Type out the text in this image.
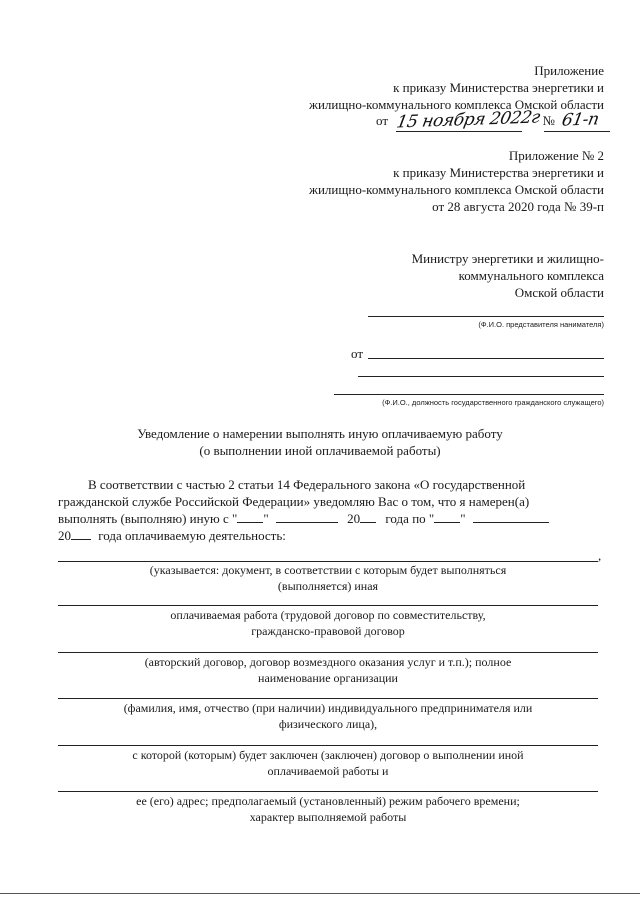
Приложение
к приказу Министерства энергетики и
жилищно-коммунального комплекса Омской области
от 15 ноября 2022г № 61-п
Приложение № 2
к приказу Министерства энергетики и
жилищно-коммунального комплекса Омской области
от 28 августа 2020 года № 39-п
Министру энергетики и жилищно-
коммунального комплекса
Омской области
(Ф.И.О. представителя нанимателя)
от
(Ф.И.О., должность государственного гражданского служащего)
Уведомление о намерении выполнять иную оплачиваемую работу
(о выполнении иной оплачиваемой работы)
В соответствии с частью 2 статьи 14 Федерального закона «О государственной
гражданской службе Российской Федерации» уведомляю Вас о том, что я намерен(а)
выполнять (выполняю) иную с " "	20 года по " "
20 года оплачиваемую деятельность:
,
(указывается: документ, в соответствии с которым будет выполняться
(выполняется) иная
оплачиваемая работа (трудовой договор по совместительству,
гражданско-правовой договор
(авторский договор, договор возмездного оказания услуг и т.п.); полное
наименование организации
(фамилия, имя, отчество (при наличии) индивидуального предпринимателя или
физического лица),
с которой (которым) будет заключен (заключен) договор о выполнении иной
оплачиваемой работы и
ее (его) адрес; предполагаемый (установленный) режим рабочего времени;
характер выполняемой работы
